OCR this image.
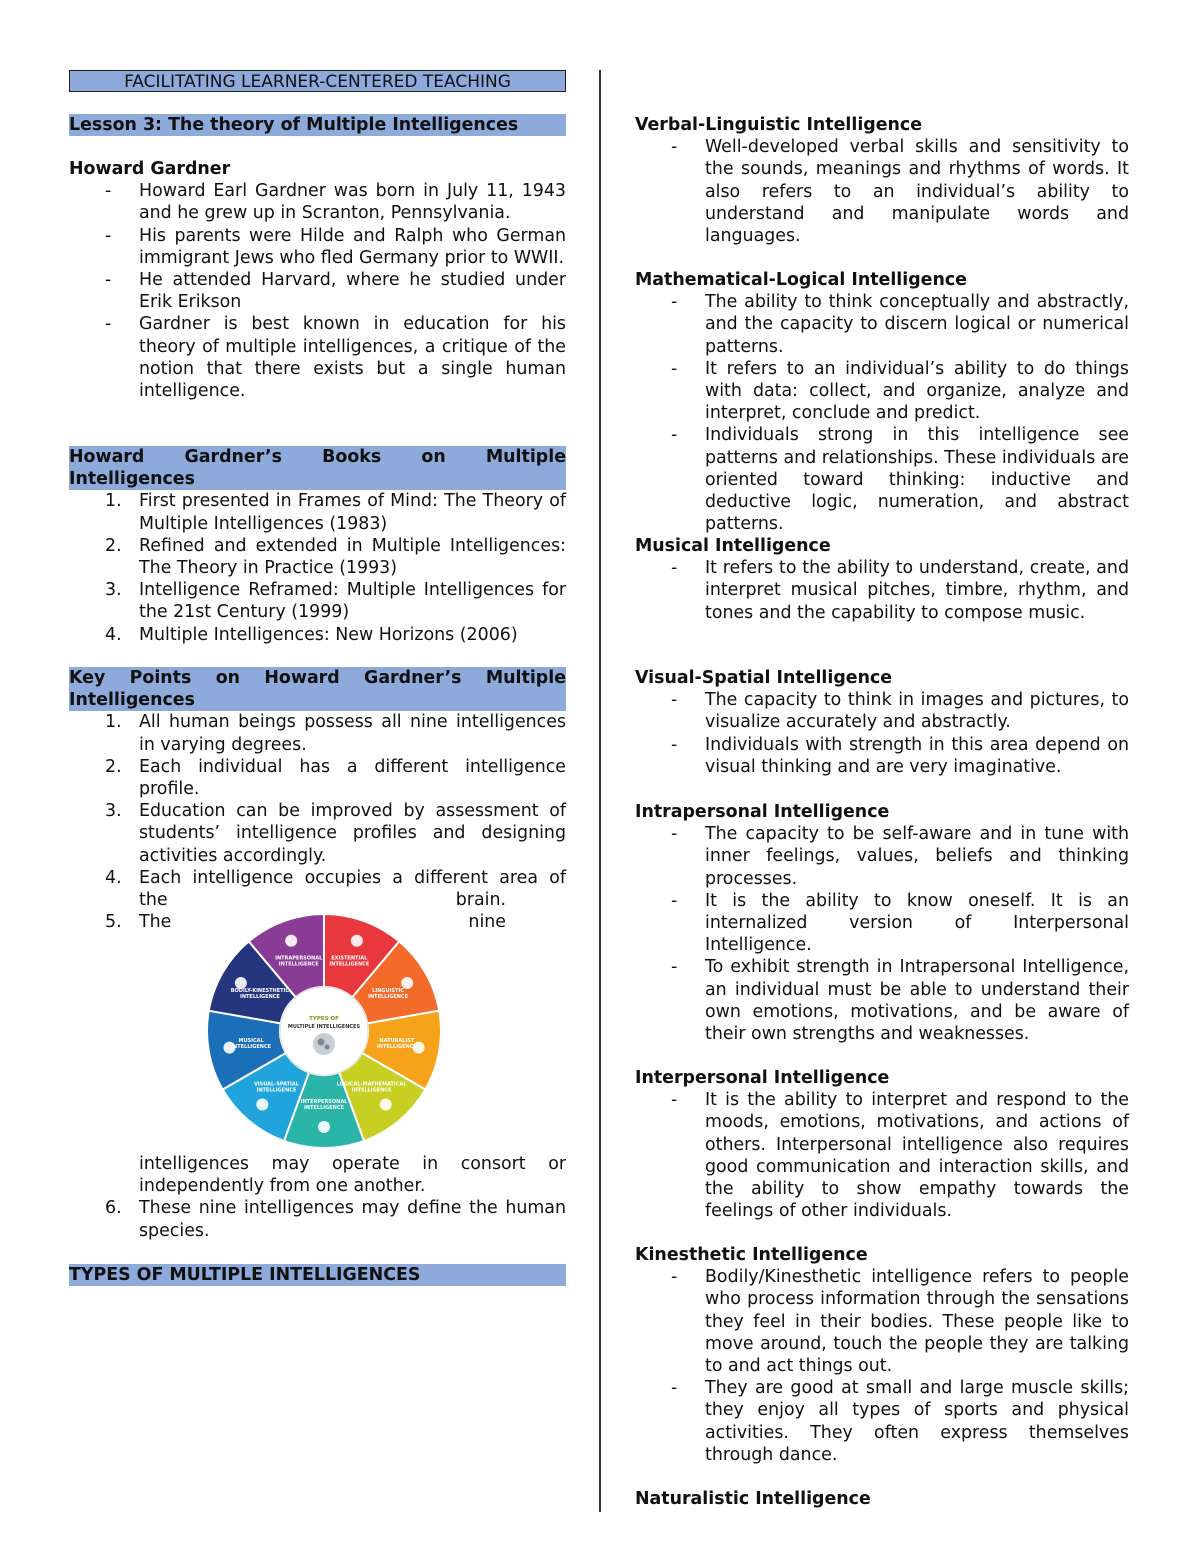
FACILITATING LEARNER-CENTERED TEACHING

Lesson 3: The theory of Multiple Intelligences

Howard Gardner

- Howard Earl Gardner was born in July 11, 1943 and he grew up in Scranton, Pennsylvania.
- His parents were Hilde and Ralph who German immigrant Jews who fled Germany prior to WWII.
- He attended Harvard, where he studied under Erik Erikson
- Gardner is best known in education for his theory of multiple intelligences, a critique of the notion that there exists but a single human intelligence.
Howard Gardner’s Books on Multiple
Intelligences
1. First presented in Frames of Mind: The Theory of Multiple Intelligences (1983)
2. Refined and extended in Multiple Intelligences: The Theory in Practice (1993)
3. Intelligence Reframed: Multiple Intelligences for the 21st Century (1999)
4. Multiple Intelligences: New Horizons (2006)
Key Points on Howard Gardner’s Multiple
Intelligences
1. All human beings possess all nine intelligences in varying degrees.
2. Each individual has a different intelligence profile.
3. Education can be improved by assessment of students’ intelligence profiles and designing activities accordingly.
4. Each intelligence occupies a different area of
the	brain.
5. The	nine
intelligences may operate in consort or independently from one another.
6. These nine intelligences may define the human species.

TYPES OF MULTIPLE INTELLIGENCES

TYPES OF
MULTIPLE INTELLIGENCES
EXISTENTIAL INTELLIGENCE
LINGUISTIC INTELLIGENCE
NATURALIST INTELLIGENCE
LOGICAL-MATHEMATICAL INTELLIGENCE
INTERPERSONAL INTELLIGENCE
VISUAL-SPATIAL INTELLIGENCE
MUSICAL INTELLIGENCE
BODILY-KINESTHETIC INTELLIGENCE
INTRAPERSONAL INTELLIGENCE

Verbal-Linguistic Intelligence

- Well-developed verbal skills and sensitivity to the sounds, meanings and rhythms of words. It also refers to an individual’s ability to understand and manipulate words and languages.

Mathematical-Logical Intelligence

- The ability to think conceptually and abstractly, and the capacity to discern logical or numerical patterns.
- It refers to an individual’s ability to do things with data: collect, and organize, analyze and interpret, conclude and predict.
- Individuals strong in this intelligence see patterns and relationships. These individuals are oriented toward thinking: inductive and deductive logic, numeration, and abstract patterns.

Musical Intelligence

- It refers to the ability to understand, create, and interpret musical pitches, timbre, rhythm, and tones and the capability to compose music.

Visual-Spatial Intelligence

- The capacity to think in images and pictures, to visualize accurately and abstractly.
- Individuals with strength in this area depend on visual thinking and are very imaginative.

Intrapersonal Intelligence

- The capacity to be self-aware and in tune with inner feelings, values, beliefs and thinking processes.
- It is the ability to know oneself. It is an internalized version of Interpersonal Intelligence.
- To exhibit strength in Intrapersonal Intelligence, an individual must be able to understand their own emotions, motivations, and be aware of their own strengths and weaknesses.

Interpersonal Intelligence

- It is the ability to interpret and respond to the moods, emotions, motivations, and actions of others. Interpersonal intelligence also requires good communication and interaction skills, and the ability to show empathy towards the feelings of other individuals.

Kinesthetic Intelligence

- Bodily/Kinesthetic intelligence refers to people who process information through the sensations they feel in their bodies. These people like to move around, touch the people they are talking to and act things out.
- They are good at small and large muscle skills; they enjoy all types of sports and physical activities. They often express themselves through dance.

Naturalistic Intelligence
